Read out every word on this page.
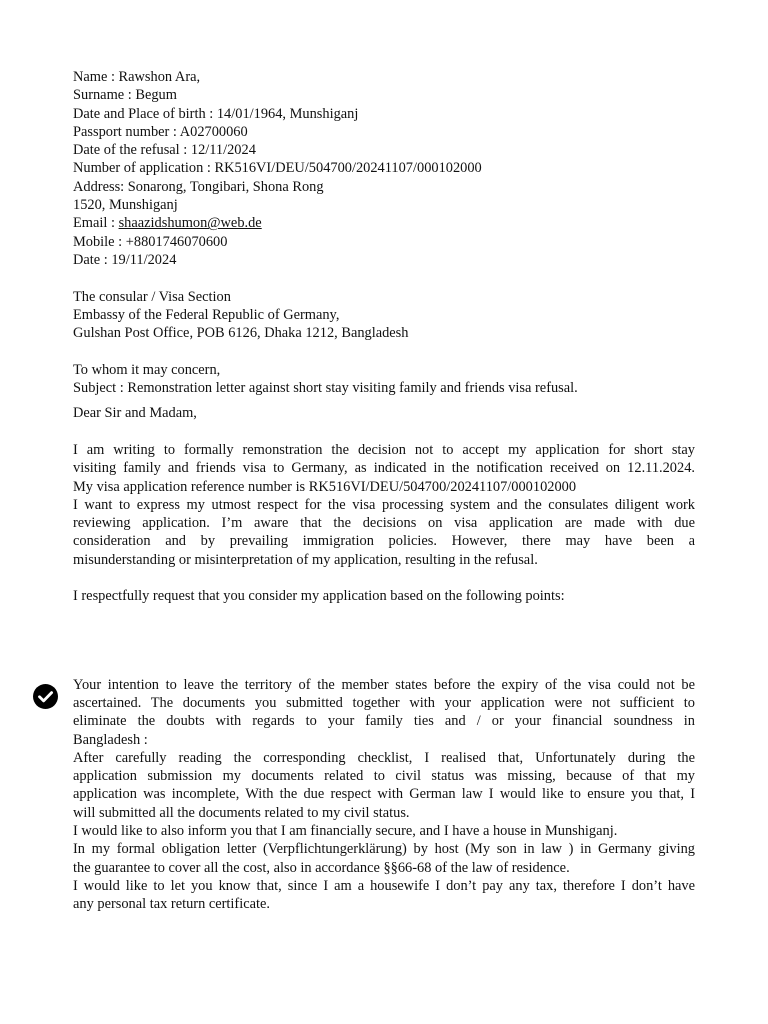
Name : Rawshon Ara,
Surname : Begum
Date and Place of birth : 14/01/1964, Munshiganj
Passport number : A02700060
Date of the refusal : 12/11/2024
Number of application : RK516VI/DEU/504700/20241107/000102000
Address: Sonarong, Tongibari, Shona Rong
1520, Munshiganj
Email : shaazidshumon@web.de
Mobile : +8801746070600
Date : 19/11/2024
The consular / Visa Section
Embassy of the Federal Republic of Germany,
Gulshan Post Office, POB 6126, Dhaka 1212, Bangladesh
To whom it may concern,
Subject : Remonstration letter against short stay visiting family and friends visa refusal.
Dear Sir and Madam,
I am writing to formally remonstration the decision not to accept my application for short stay
visiting family and friends visa to Germany, as indicated in the notification received on 12.11.2024.
My visa application reference number is RK516VI/DEU/504700/20241107/000102000
I want to express my utmost respect for the visa processing system and the consulates diligent work
reviewing application. I’m aware that the decisions on visa application are made with due
consideration and by prevailing immigration policies. However, there may have been a
misunderstanding or misinterpretation of my application, resulting in the refusal.
I respectfully request that you consider my application based on the following points:
Your intention to leave the territory of the member states before the expiry of the visa could not be
ascertained. The documents you submitted together with your application were not sufficient to
eliminate the doubts with regards to your family ties and / or your financial soundness in
Bangladesh :
After carefully reading the corresponding checklist, I realised that, Unfortunately during the
application submission my documents related to civil status was missing, because of that my
application was incomplete, With the due respect with German law I would like to ensure you that, I
will submitted all the documents related to my civil status.
I would like to also inform you that I am financially secure, and I have a house in Munshiganj.
In my formal obligation letter (Verpflichtungerklärung) by host (My son in law ) in Germany giving
the guarantee to cover all the cost, also in accordance §§66-68 of the law of residence.
I would like to let you know that, since I am a housewife I don’t pay any tax, therefore I don’t have
any personal tax return certificate.
